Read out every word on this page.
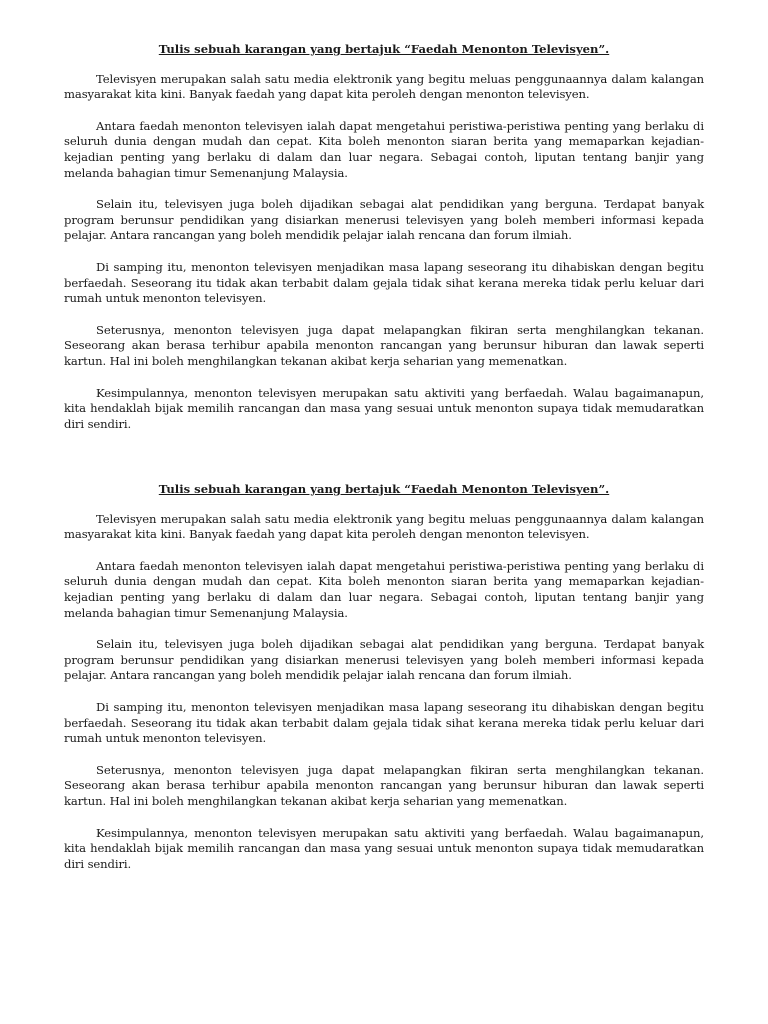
Tulis sebuah karangan yang bertajuk “Faedah Menonton Televisyen”.

Televisyen merupakan salah satu media elektronik yang begitu meluas penggunaannya dalam kalangan masyarakat kita kini. Banyak faedah yang dapat kita peroleh dengan menonton televisyen.

Antara faedah menonton televisyen ialah dapat mengetahui peristiwa-peristiwa penting yang berlaku di seluruh dunia dengan mudah dan cepat. Kita boleh menonton siaran berita yang memaparkan kejadian-kejadian penting yang berlaku di dalam dan luar negara. Sebagai contoh, liputan tentang banjir yang melanda bahagian timur Semenanjung Malaysia.

Selain itu, televisyen juga boleh dijadikan sebagai alat pendidikan yang berguna. Terdapat banyak program berunsur pendidikan yang disiarkan menerusi televisyen yang boleh memberi informasi kepada pelajar. Antara rancangan yang boleh mendidik pelajar ialah rencana dan forum ilmiah.

Di samping itu, menonton televisyen menjadikan masa lapang seseorang itu dihabiskan dengan begitu berfaedah. Seseorang itu tidak akan terbabit dalam gejala tidak sihat kerana mereka tidak perlu keluar dari rumah untuk menonton televisyen.

Seterusnya, menonton televisyen juga dapat melapangkan fikiran serta menghilangkan tekanan. Seseorang akan berasa terhibur apabila menonton rancangan yang berunsur hiburan dan lawak seperti kartun. Hal ini boleh menghilangkan tekanan akibat kerja seharian yang memenatkan.

Kesimpulannya, menonton televisyen merupakan satu aktiviti yang berfaedah. Walau bagaimanapun, kita hendaklah bijak memilih rancangan dan masa yang sesuai untuk menonton supaya tidak memudaratkan diri sendiri.

Tulis sebuah karangan yang bertajuk “Faedah Menonton Televisyen”.

Televisyen merupakan salah satu media elektronik yang begitu meluas penggunaannya dalam kalangan masyarakat kita kini. Banyak faedah yang dapat kita peroleh dengan menonton televisyen.

Antara faedah menonton televisyen ialah dapat mengetahui peristiwa-peristiwa penting yang berlaku di seluruh dunia dengan mudah dan cepat. Kita boleh menonton siaran berita yang memaparkan kejadian-kejadian penting yang berlaku di dalam dan luar negara. Sebagai contoh, liputan tentang banjir yang melanda bahagian timur Semenanjung Malaysia.

Selain itu, televisyen juga boleh dijadikan sebagai alat pendidikan yang berguna. Terdapat banyak program berunsur pendidikan yang disiarkan menerusi televisyen yang boleh memberi informasi kepada pelajar. Antara rancangan yang boleh mendidik pelajar ialah rencana dan forum ilmiah.

Di samping itu, menonton televisyen menjadikan masa lapang seseorang itu dihabiskan dengan begitu berfaedah. Seseorang itu tidak akan terbabit dalam gejala tidak sihat kerana mereka tidak perlu keluar dari rumah untuk menonton televisyen.

Seterusnya, menonton televisyen juga dapat melapangkan fikiran serta menghilangkan tekanan. Seseorang akan berasa terhibur apabila menonton rancangan yang berunsur hiburan dan lawak seperti kartun. Hal ini boleh menghilangkan tekanan akibat kerja seharian yang memenatkan.

Kesimpulannya, menonton televisyen merupakan satu aktiviti yang berfaedah. Walau bagaimanapun, kita hendaklah bijak memilih rancangan dan masa yang sesuai untuk menonton supaya tidak memudaratkan diri sendiri.
